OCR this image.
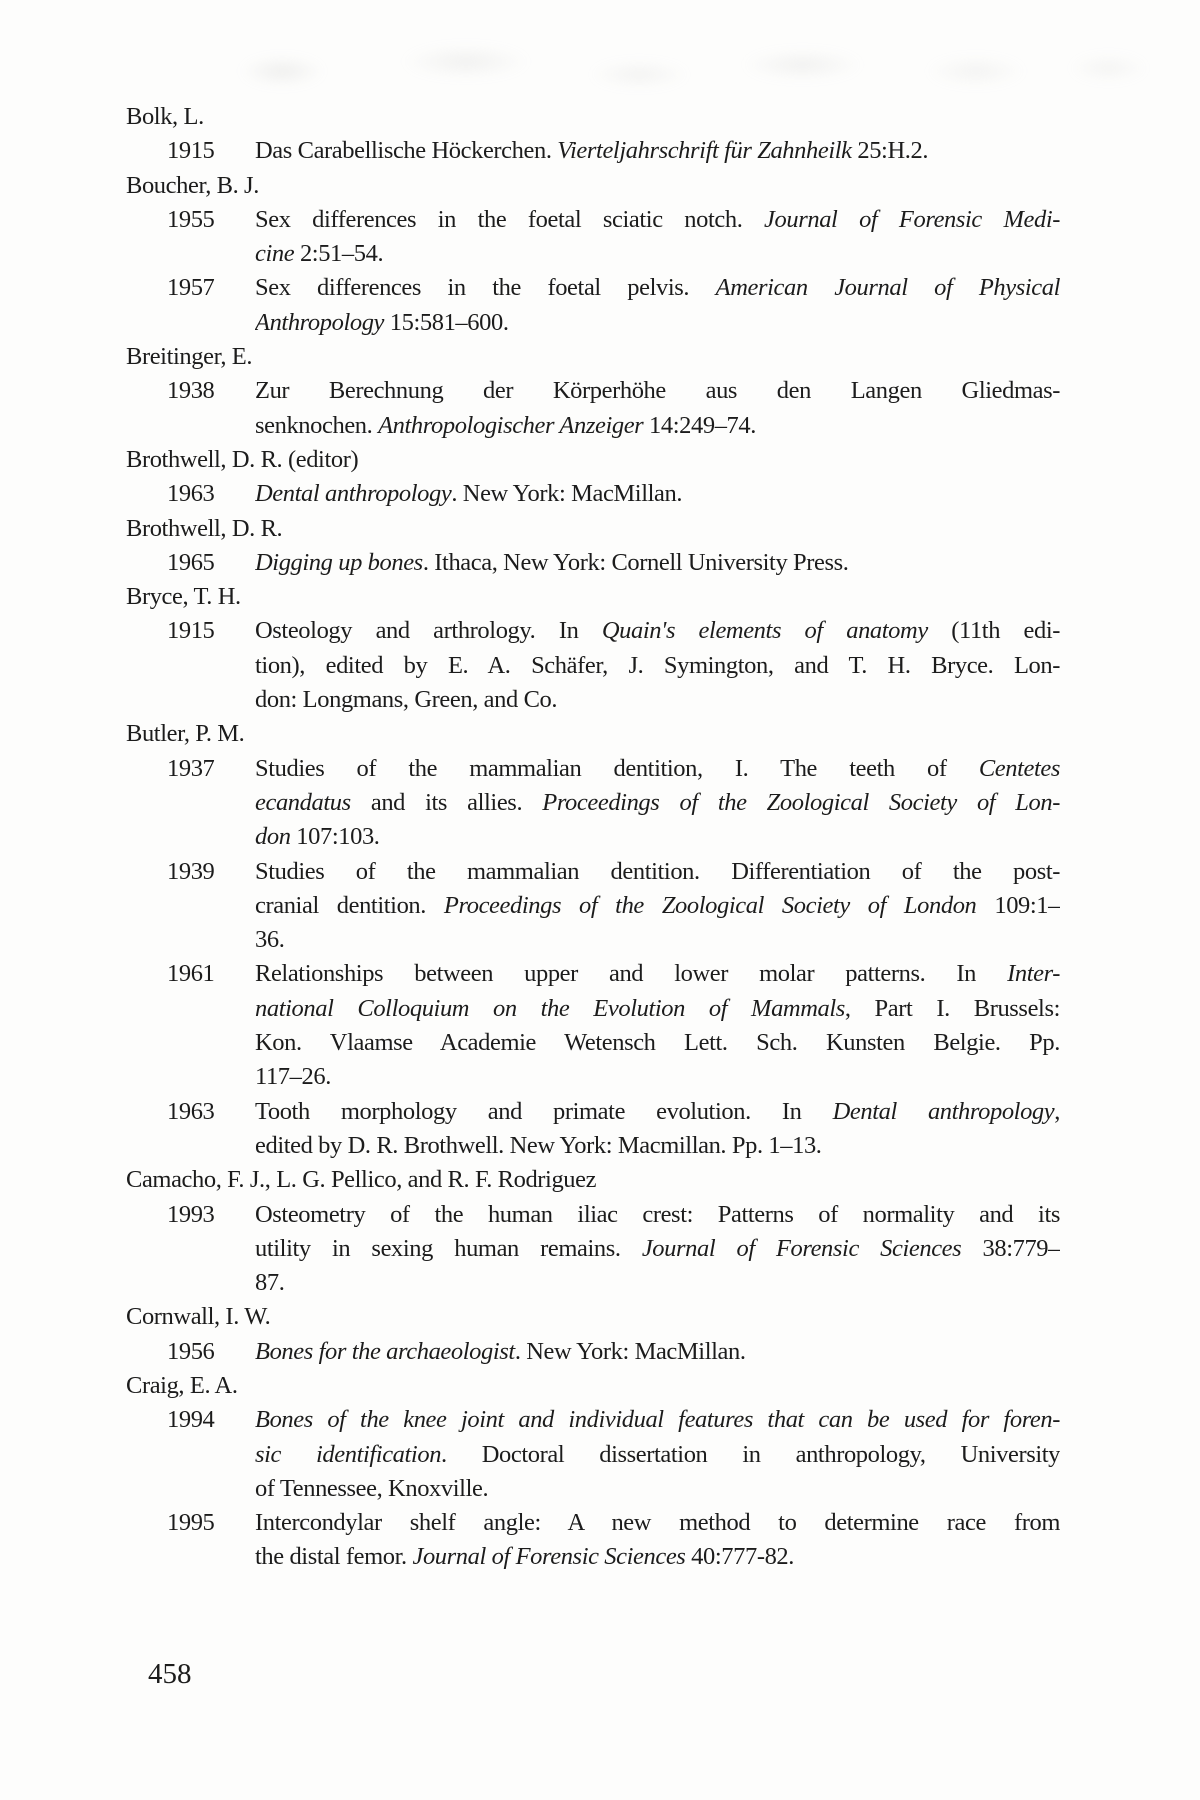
Bolk, L.
1915	Das Carabellische Höckerchen. Vierteljahrschrift für Zahnheilk 25:H.2.
Boucher, B. J.
1955	Sex differences in the foetal sciatic notch. Journal of Forensic Medi-
cine 2:51–54.
1957	Sex differences in the foetal pelvis. American Journal of Physical
Anthropology 15:581–600.
Breitinger, E.
1938	Zur Berechnung der Körperhöhe aus den Langen Gliedmas-
senknochen. Anthropologischer Anzeiger 14:249–74.
Brothwell, D. R. (editor)
1963	Dental anthropology. New York: MacMillan.
Brothwell, D. R.
1965	Digging up bones. Ithaca, New York: Cornell University Press.
Bryce, T. H.
1915	Osteology and arthrology. In Quain's elements of anatomy (11th edi-
tion), edited by E. A. Schäfer, J. Symington, and T. H. Bryce. Lon-
don: Longmans, Green, and Co.
Butler, P. M.
1937	Studies of the mammalian dentition, I. The teeth of Centetes
ecandatus and its allies. Proceedings of the Zoological Society of Lon-
don 107:103.
1939	Studies of the mammalian dentition. Differentiation of the post-
cranial dentition. Proceedings of the Zoological Society of London 109:1–
36.
1961	Relationships between upper and lower molar patterns. In Inter-
national Colloquium on the Evolution of Mammals, Part I. Brussels:
Kon. Vlaamse Academie Wetensch Lett. Sch. Kunsten Belgie. Pp.
117–26.
1963	Tooth morphology and primate evolution. In Dental anthropology,
edited by D. R. Brothwell. New York: Macmillan. Pp. 1–13.
Camacho, F. J., L. G. Pellico, and R. F. Rodriguez
1993	Osteometry of the human iliac crest: Patterns of normality and its
utility in sexing human remains. Journal of Forensic Sciences 38:779–
87.
Cornwall, I. W.
1956	Bones for the archaeologist. New York: MacMillan.
Craig, E. A.
1994	Bones of the knee joint and individual features that can be used for foren-
sic identification. Doctoral dissertation in anthropology, University
of Tennessee, Knoxville.
1995	Intercondylar shelf angle: A new method to determine race from
the distal femor. Journal of Forensic Sciences 40:777-82.
458
